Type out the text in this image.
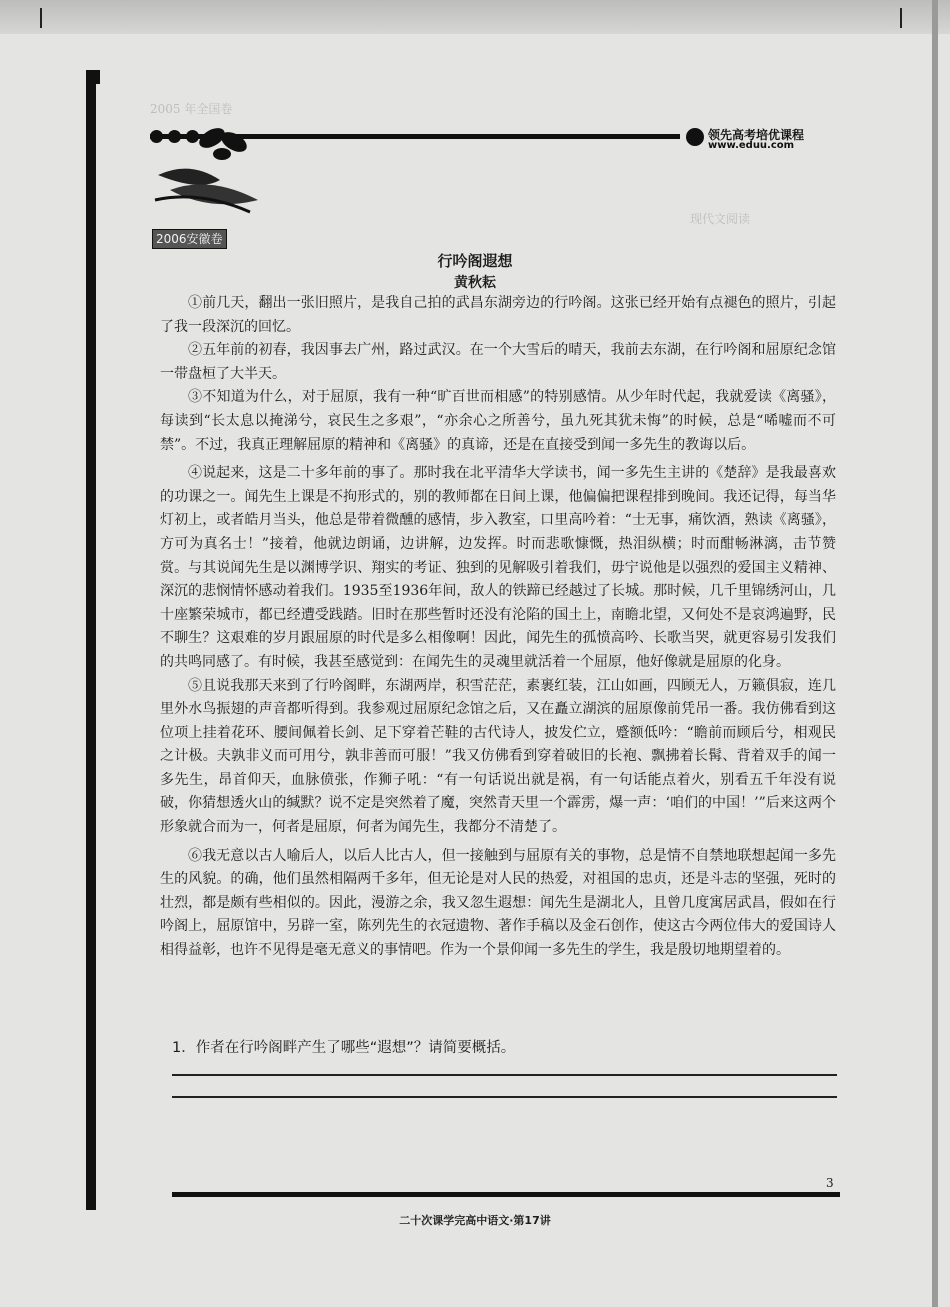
2005 年全国卷
现代文阅读
领先高考培优课程
www.eduu.com
2006安徽卷
行吟阁遐想
黄秋耘

①前几天，翻出一张旧照片，是我自己拍的武昌东湖旁边的行吟阁。这张已经开始有点褪色的照片，引起了我一段深沉的回忆。

②五年前的初春，我因事去广州，路过武汉。在一个大雪后的晴天，我前去东湖，在行吟阁和屈原纪念馆一带盘桓了大半天。

③不知道为什么，对于屈原，我有一种“旷百世而相感”的特别感情。从少年时代起，我就爱读《离骚》，每读到“长太息以掩涕兮，哀民生之多艰”，“亦余心之所善兮，虽九死其犹未悔”的时候，总是“唏嘘而不可禁”。不过，我真正理解屈原的精神和《离骚》的真谛，还是在直接受到闻一多先生的教诲以后。

④说起来，这是二十多年前的事了。那时我在北平清华大学读书，闻一多先生主讲的《楚辞》是我最喜欢的功课之一。闻先生上课是不拘形式的，别的教师都在日间上课，他偏偏把课程排到晚间。我还记得，每当华灯初上，或者皓月当头，他总是带着微醺的感情，步入教室，口里高吟着：“士无事，痛饮酒，熟读《离骚》，方可为真名士！”接着，他就边朗诵，边讲解，边发挥。时而悲歌慷慨，热泪纵横；时而酣畅淋漓，击节赞赏。与其说闻先生是以渊博学识、翔实的考证、独到的见解吸引着我们，毋宁说他是以强烈的爱国主义精神、深沉的悲悯情怀感动着我们。1935至1936年间，敌人的铁蹄已经越过了长城。那时候，几千里锦绣河山，几十座繁荣城市，都已经遭受践踏。旧时在那些暂时还没有沦陷的国土上，南瞻北望，又何处不是哀鸿遍野，民不聊生？这艰难的岁月跟屈原的时代是多么相像啊！因此，闻先生的孤愤高吟、长歌当哭，就更容易引发我们的共鸣同感了。有时候，我甚至感觉到：在闻先生的灵魂里就活着一个屈原，他好像就是屈原的化身。

⑤且说我那天来到了行吟阁畔，东湖两岸，积雪茫茫，素裹红装，江山如画，四顾无人，万籁俱寂，连几里外水鸟振翅的声音都听得到。我参观过屈原纪念馆之后，又在矗立湖滨的屈原像前凭吊一番。我仿佛看到这位项上挂着花环、腰间佩着长剑、足下穿着芒鞋的古代诗人，披发伫立，蹙额低吟：“瞻前而顾后兮，相观民之计极。夫孰非义而可用兮，孰非善而可服！”我又仿佛看到穿着破旧的长袍、飘拂着长髯、背着双手的闻一多先生，昂首仰天，血脉偾张，作狮子吼：“有一句话说出就是祸，有一句话能点着火，别看五千年没有说破，你猜想透火山的缄默？说不定是突然着了魔，突然青天里一个霹雳，爆一声：‘咱们的中国！’”后来这两个形象就合而为一，何者是屈原，何者为闻先生，我都分不清楚了。

⑥我无意以古人喻后人，以后人比古人，但一接触到与屈原有关的事物，总是情不自禁地联想起闻一多先生的风貌。的确，他们虽然相隔两千多年，但无论是对人民的热爱，对祖国的忠贞，还是斗志的坚强，死时的壮烈，都是颇有些相似的。因此，漫游之余，我又忽生遐想：闻先生是湖北人，且曾几度寓居武昌，假如在行吟阁上，屈原馆中，另辟一室，陈列先生的衣冠遗物、著作手稿以及金石创作，使这古今两位伟大的爱国诗人相得益彰，也许不见得是毫无意义的事情吧。作为一个景仰闻一多先生的学生，我是殷切地期望着的。

1．作者在行吟阁畔产生了哪些“遐想”？请简要概括。
3
二十次课学完高中语文·第17讲
